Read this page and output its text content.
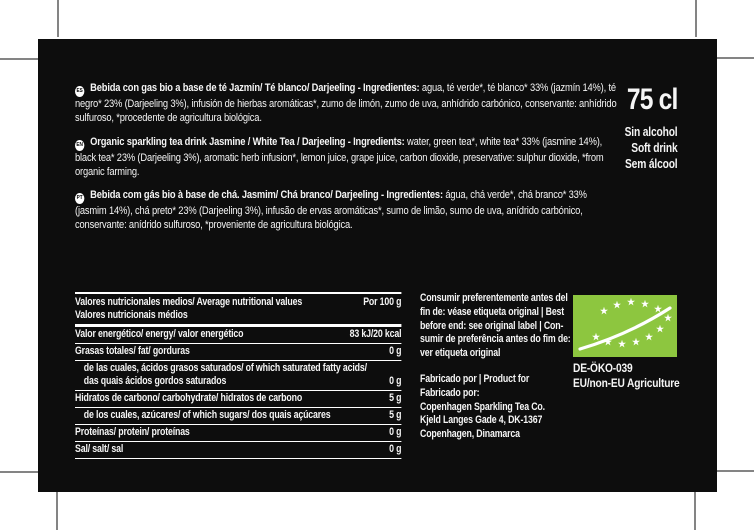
ES Bebida con gas bio a base de té Jazmín/ Té blanco/ Darjeeling - Ingredientes: agua, té verde*, té blanco* 33% (jazmín 14%), té negro* 23% (Darjeeling 3%), infusión de hierbas aromáticas*, zumo de limón, zumo de uva, anhídrido carbónico, conservante: anhídrido sulfuroso, *procedente de agricultura biológica.

EN Organic sparkling tea drink Jasmine / White Tea / Darjeeling - Ingredients: water, green tea*, white tea* 33% (jasmine 14%), black tea* 23% (Darjeeling 3%), aromatic herb infusion*, lemon juice, grape juice, carbon dioxide, preservative: sulphur dioxide, *from organic farming.

PT Bebida com gás bio à base de chá. Jasmim/ Chá branco/ Darjeeling - Ingredientes: água, chá verde*, chá branco* 33% (jasmim 14%), chá preto* 23% (Darjeeling 3%), infusão de ervas aromáticas*, sumo de limão, sumo de uva, anídrido carbónico, conservante: anídrido sulfuroso, *proveniente de agricultura biológica.

75 cl
Sin alcohol
Soft drink
Sem álcool
Valores nutricionales medios/ Average nutritional values
Valores nutricionais médios
Por 100 g
Valor energético/ energy/ valor energético	83 kJ/20 kcal
Grasas totales/ fat/ gorduras	0 g
de las cuales, ácidos grasos saturados/ of which saturated fatty acids/ das quais ácidos gordos saturados	0 g
Hidratos de carbono/ carbohydrate/ hidratos de carbono	5 g
de los cuales, azúcares/ of which sugars/ dos quais açúcares	5 g
Proteínas/ protein/ proteínas	0 g
Sal/ salt/ sal	0 g
Consumir preferentemente antes del
fin de: véase etiqueta original | Best
before end: see original label | Con-
sumir de preferência antes do fim de:
ver etiqueta original
Fabricado por | Product for
Fabricado por:
Copenhagen Sparkling Tea Co.
Kjeld Langes Gade 4, DK-1367
Copenhagen, Dinamarca
DE-ÖKO-039
EU/non-EU Agriculture
